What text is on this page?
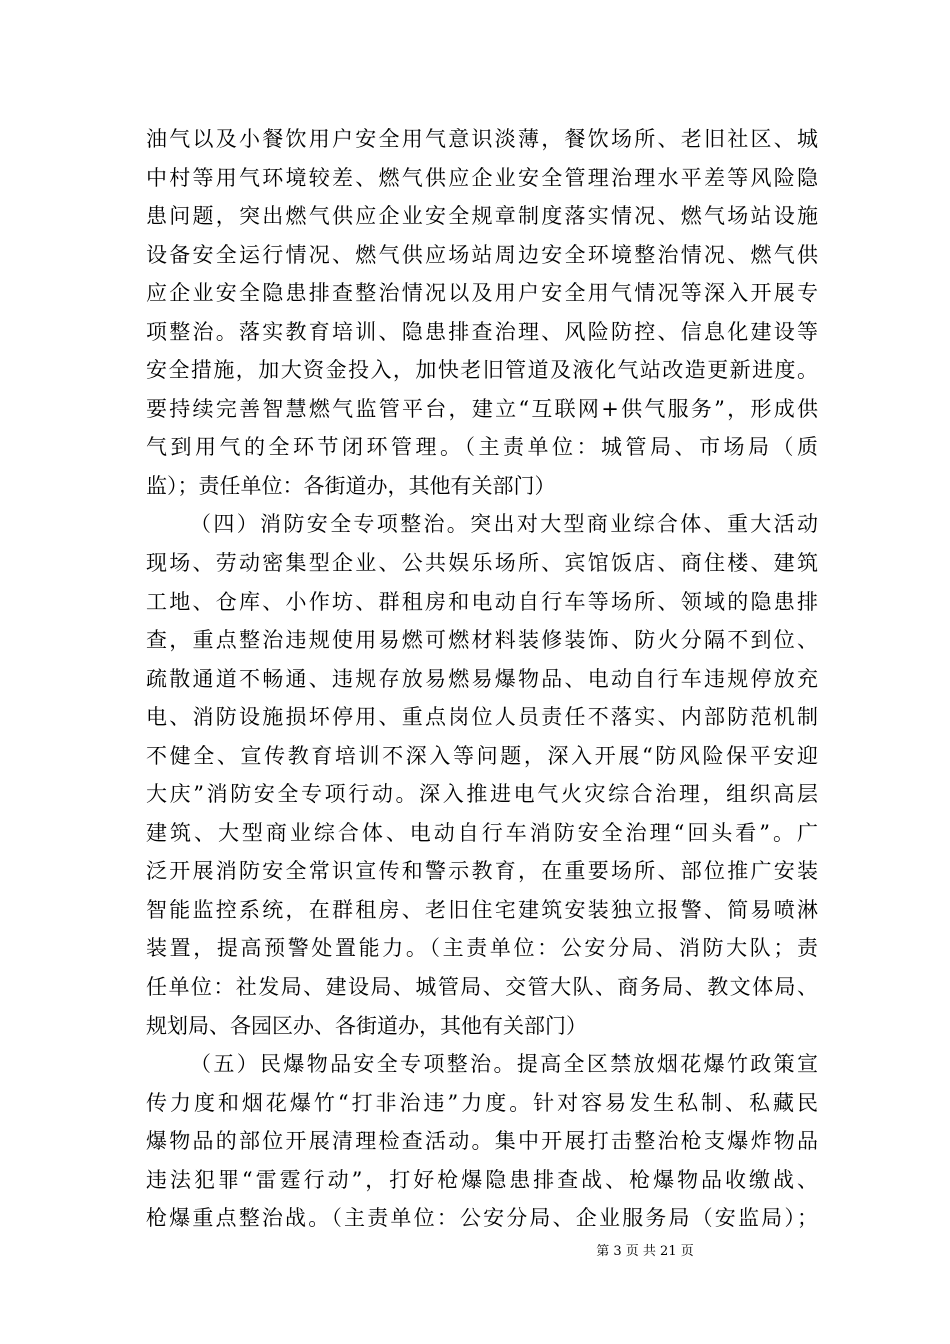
油气以及小餐饮用户安全用气意识淡薄，餐饮场所、老旧社区、城
中村等用气环境较差、燃气供应企业安全管理治理水平差等风险隐
患问题，突出燃气供应企业安全规章制度落实情况、燃气场站设施
设备安全运行情况、燃气供应场站周边安全环境整治情况、燃气供
应企业安全隐患排查整治情况以及用户安全用气情况等深入开展专
项整治。落实教育培训、隐患排查治理、风险防控、信息化建设等
安全措施，加大资金投入，加快老旧管道及液化气站改造更新进度。
要持续完善智慧燃气监管平台，建立“互联网+供气服务”，形成供
气到用气的全环节闭环管理。（主责单位：城管局、市场局（质
监）；责任单位：各街道办，其他有关部门）
（四）消防安全专项整治。突出对大型商业综合体、重大活动
现场、劳动密集型企业、公共娱乐场所、宾馆饭店、商住楼、建筑
工地、仓库、小作坊、群租房和电动自行车等场所、领域的隐患排
查，重点整治违规使用易燃可燃材料装修装饰、防火分隔不到位、
疏散通道不畅通、违规存放易燃易爆物品、电动自行车违规停放充
电、消防设施损坏停用、重点岗位人员责任不落实、内部防范机制
不健全、宣传教育培训不深入等问题，深入开展“防风险保平安迎
大庆”消防安全专项行动。深入推进电气火灾综合治理，组织高层
建筑、大型商业综合体、电动自行车消防安全治理“回头看”。广
泛开展消防安全常识宣传和警示教育，在重要场所、部位推广安装
智能监控系统，在群租房、老旧住宅建筑安装独立报警、简易喷淋
装置，提高预警处置能力。（主责单位：公安分局、消防大队；责
任单位：社发局、建设局、城管局、交管大队、商务局、教文体局、
规划局、各园区办、各街道办，其他有关部门）
（五）民爆物品安全专项整治。提高全区禁放烟花爆竹政策宣
传力度和烟花爆竹“打非治违”力度。针对容易发生私制、私藏民
爆物品的部位开展清理检查活动。集中开展打击整治枪支爆炸物品
违法犯罪“雷霆行动”，打好枪爆隐患排查战、枪爆物品收缴战、
枪爆重点整治战。（主责单位：公安分局、企业服务局（安监局）；
第 3 页 共 21 页
